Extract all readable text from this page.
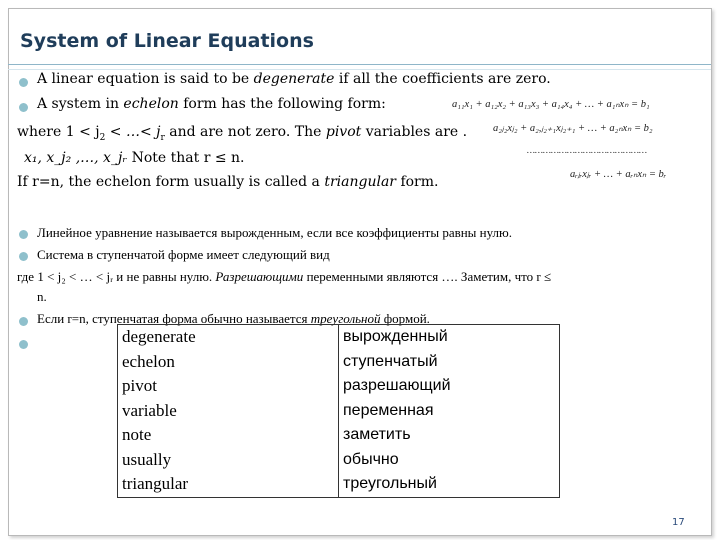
System of Linear Equations
A linear equation is said to be degenerate if all the coefficients are zero.
A system in echelon form has the following form:
where $1 < j_2$ < …< $j_r$ and are not zero. The pivot variables are .
x₁, x_j₂ ,…, x_jᵣ Note that r ≤ n.
If r=n, the echelon form usually is called a triangular form.
a₁₁x₁ + a₁₂x₂ + a₁₃x₃ + a₁₄x₄ + … + a₁ₙxₙ = b₁
a₂ⱼ₂xⱼ₂ + a₂,ⱼ₂₊₁xⱼ₂₊₁ + … + a₂ₙxₙ = b₂
………………………………………
aᵣⱼᵣxⱼᵣ + … + aᵣₙxₙ = bᵣ
Линейное уравнение называется вырожденным, если все коэффициенты равны нулю.
Система в ступенчатой форме имеет следующий вид
где 1 < j₂ < … < jᵣ и не равны нулю. Разрешающими переменными являются …. Заметим, что r ≤
n.
Если r=n, ступенчатая форма обычно называется треугольной формой.
degenerate	вырожденный
echelon	ступенчатый
pivot	разрешающий
variable	переменная
note	заметить
usually	обычно
triangular	треугольный
17
